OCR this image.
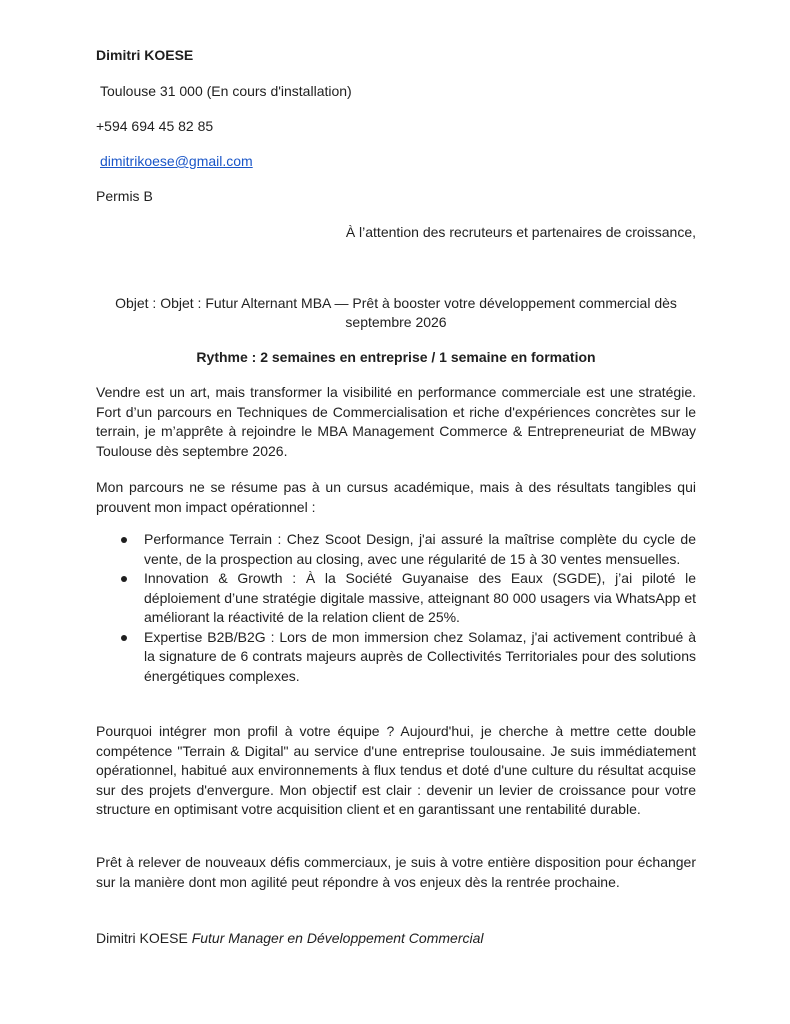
Dimitri KOESE
Toulouse 31 000 (En cours d'installation)
+594 694 45 82 85
dimitrikoese@gmail.com
Permis B
À l’attention des recruteurs et partenaires de croissance,
Objet : Objet : Futur Alternant MBA — Prêt à booster votre développement commercial dès septembre 2026
Rythme : 2 semaines en entreprise / 1 semaine en formation
Vendre est un art, mais transformer la visibilité en performance commerciale est une stratégie. Fort d’un parcours en Techniques de Commercialisation et riche d'expériences concrètes sur le terrain, je m’apprête à rejoindre le MBA Management Commerce & Entrepreneuriat de MBway Toulouse dès septembre 2026.
Mon parcours ne se résume pas à un cursus académique, mais à des résultats tangibles qui prouvent mon impact opérationnel :
Performance Terrain : Chez Scoot Design, j'ai assuré la maîtrise complète du cycle de vente, de la prospection au closing, avec une régularité de 15 à 30 ventes mensuelles.
Innovation & Growth : À la Société Guyanaise des Eaux (SGDE), j’ai piloté le déploiement d’une stratégie digitale massive, atteignant 80 000 usagers via WhatsApp et améliorant la réactivité de la relation client de 25%.
Expertise B2B/B2G : Lors de mon immersion chez Solamaz, j'ai activement contribué à la signature de 6 contrats majeurs auprès de Collectivités Territoriales pour des solutions énergétiques complexes.
Pourquoi intégrer mon profil à votre équipe ? Aujourd'hui, je cherche à mettre cette double compétence "Terrain & Digital" au service d'une entreprise toulousaine. Je suis immédiatement opérationnel, habitué aux environnements à flux tendus et doté d'une culture du résultat acquise sur des projets d'envergure. Mon objectif est clair : devenir un levier de croissance pour votre structure en optimisant votre acquisition client et en garantissant une rentabilité durable.
Prêt à relever de nouveaux défis commerciaux, je suis à votre entière disposition pour échanger sur la manière dont mon agilité peut répondre à vos enjeux dès la rentrée prochaine.
Dimitri KOESE Futur Manager en Développement Commercial
